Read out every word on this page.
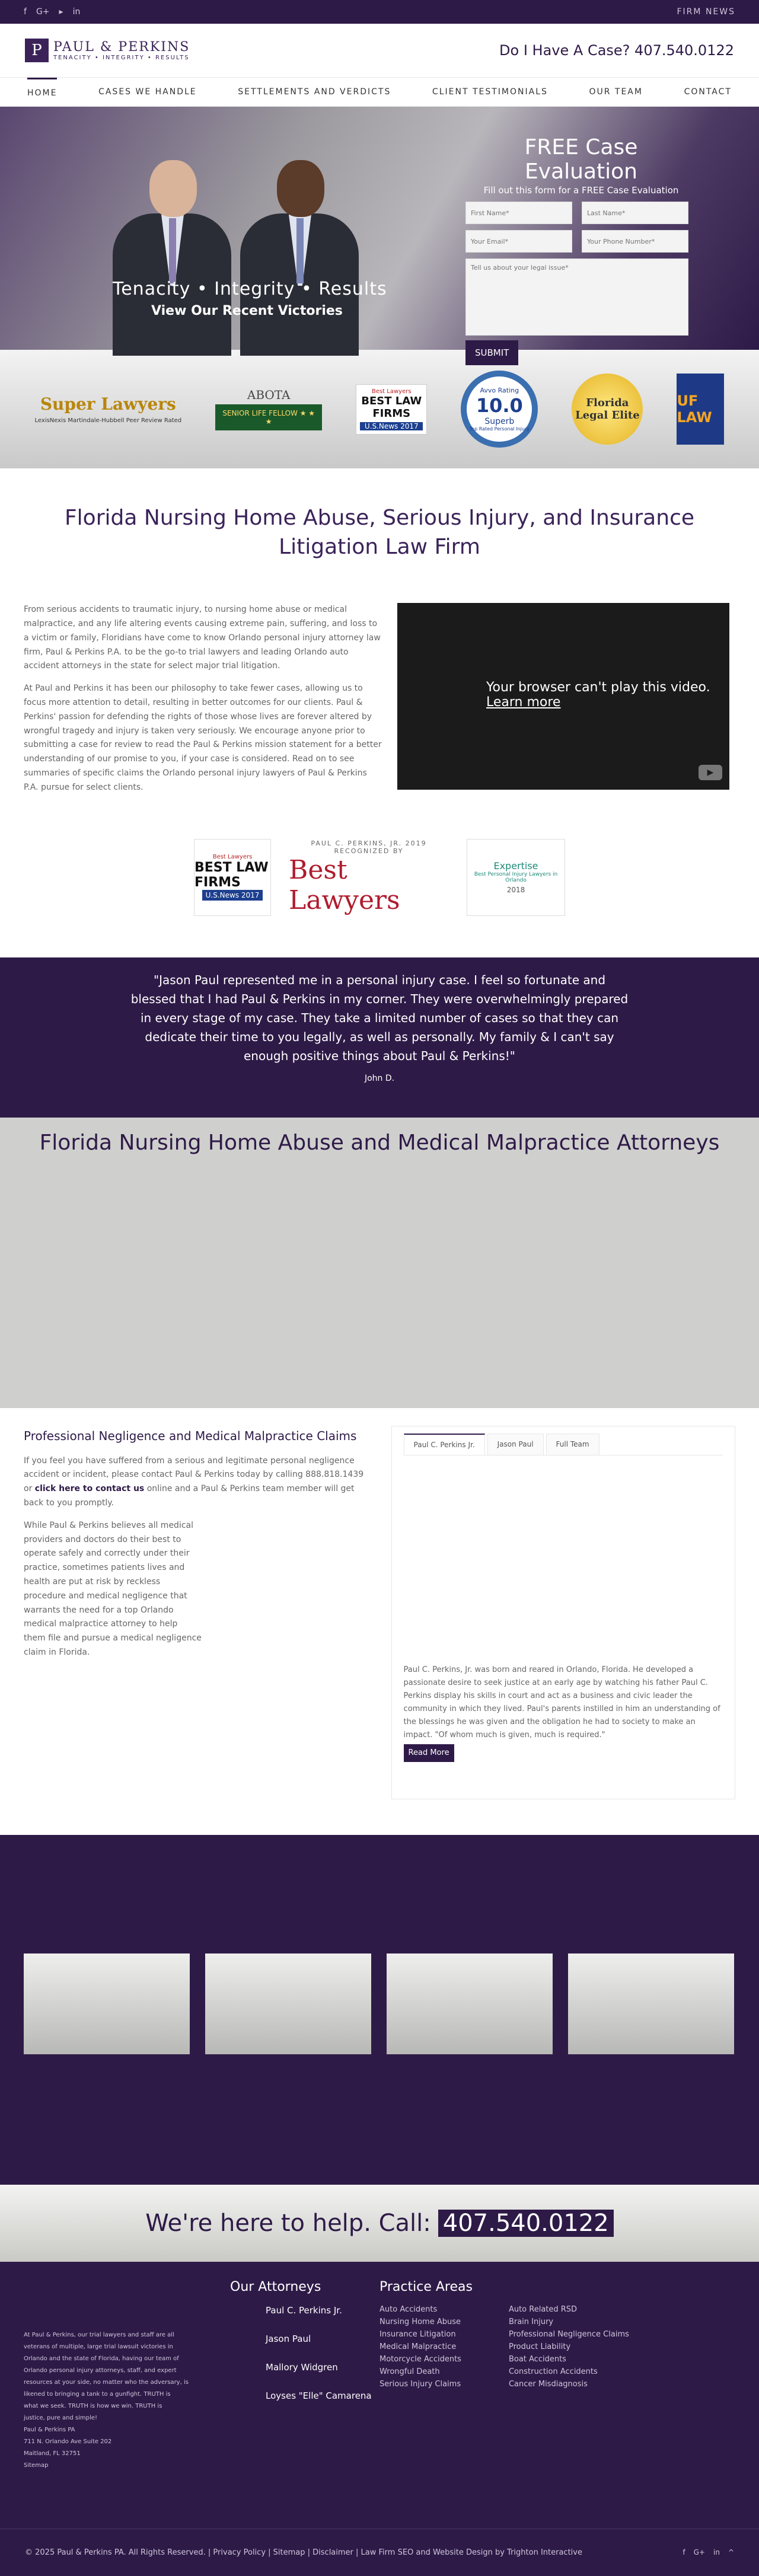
f G+ ▸ in	FIRM NEWS
P PAUL & PERKINS
TENACITY • INTEGRITY • RESULTS	Do I Have A Case? 407.540.0122
HOME	CASES WE HANDLE	SETTLEMENTS AND VERDICTS	CLIENT TESTIMONIALS	OUR TEAM	CONTACT
Tenacity • Integrity • Results
View Our Recent Victories
FREE Case Evaluation
Fill out this form for a FREE Case Evaluation
First Name*
Last Name*
Your Email*
Your Phone Number*
Tell us about your legal issue* SUBMIT
Super Lawyers
LexisNexis Martindale-Hubbell Peer Review Rated
ABOTA
SENIOR LIFE FELLOW ★ ★ ★
Best Lawyers
BEST LAW FIRMS
U.S.News 2017
Avvo Rating
10.0
Superb
Top Rated Personal Injury
Florida Legal Elite
UF LAW
Florida Nursing Home Abuse, Serious Injury, and Insurance Litigation Law Firm

From serious accidents to traumatic injury, to nursing home abuse or medical malpractice, and any life altering events causing extreme pain, suffering, and loss to a victim or family, Floridians have come to know Orlando personal injury attorney law firm, Paul & Perkins P.A. to be the go-to trial lawyers and leading Orlando auto accident attorneys in the state for select major trial litigation.

At Paul and Perkins it has been our philosophy to take fewer cases, allowing us to focus more attention to detail, resulting in better outcomes for our clients. Paul & Perkins' passion for defending the rights of those whose lives are forever altered by wrongful tragedy and injury is taken very seriously. We encourage anyone prior to submitting a case for review to read the Paul & Perkins mission statement for a better understanding of our promise to you, if your case is considered. Read on to see summaries of specific claims the Orlando personal injury lawyers of Paul & Perkins P.A. pursue for select clients.

Your browser can't play this video.
Learn more
▶
Best Lawyers
BEST LAW FIRMS
U.S.News 2017
PAUL C. PERKINS, JR. 2019
RECOGNIZED BY
Best Lawyers
Expertise
Best Personal Injury Lawyers in Orlando
2018
"Jason Paul represented me in a personal injury case. I feel so fortunate and blessed that I had Paul & Perkins in my corner. They were overwhelmingly prepared in every stage of my case. They take a limited number of cases so that they can dedicate their time to you legally, as well as personally. My family & I can't say enough positive things about Paul & Perkins!"
John D.
Florida Nursing Home Abuse and Medical Malpractice Attorneys
Professional Negligence and Medical Malpractice Claims

If you feel you have suffered from a serious and legitimate personal negligence accident or incident, please contact Paul & Perkins today by calling 888.818.1439 or click here to contact us online and a Paul & Perkins team member will get back to you promptly.

While Paul & Perkins believes all medical providers and doctors do their best to operate safely and correctly under their practice, sometimes patients lives and health are put at risk by reckless procedure and medical negligence that warrants the need for a top Orlando medical malpractice attorney to help them file and pursue a medical negligence claim in Florida.

Paul C. Perkins Jr.	Jason Paul	Full Team
Paul C. Perkins, Jr. was born and reared in Orlando, Florida. He developed a passionate desire to seek justice at an early age by watching his father Paul C. Perkins display his skills in court and act as a business and civic leader the community in which they lived. Paul's parents instilled in him an understanding of the blessings he was given and the obligation he had to society to make an impact. "Of whom much is given, much is required."
Read More
We're here to help. Call: 407.540.0122
At Paul & Perkins, our trial lawyers and staff are all
veterans of multiple, large trial lawsuit victories in
Orlando and the state of Florida, having our team of
Orlando personal injury attorneys, staff, and expert
resources at your side, no matter who the adversary, is
likened to bringing a tank to a gunfight. TRUTH is
what we seek. TRUTH is how we win. TRUTH is
justice, pure and simple!
Paul & Perkins PA
711 N. Orlando Ave Suite 202
Maitland, FL 32751
Sitemap
Our Attorneys
Paul C. Perkins Jr.
Jason Paul
Mallory Widgren
Loyses "Elle" Camarena
Practice Areas
Auto Accidents
Nursing Home Abuse
Insurance Litigation
Medical Malpractice
Motorcycle Accidents
Wrongful Death
Serious Injury Claims
Auto Related RSD
Brain Injury
Professional Negligence Claims
Product Liability
Boat Accidents
Construction Accidents
Cancer Misdiagnosis
© 2025 Paul & Perkins PA. All Rights Reserved. | Privacy Policy | Sitemap | Disclaimer | Law Firm SEO and Website Design by Trighton Interactive	f G+ in ^
